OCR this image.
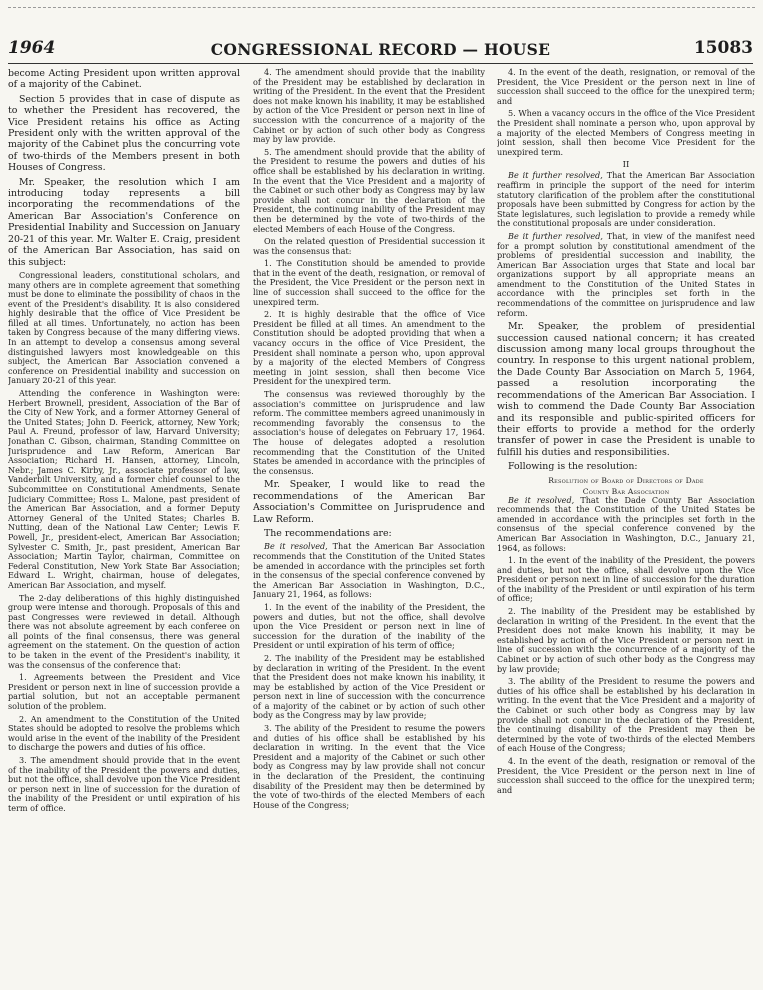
1964	CONGRESSIONAL RECORD — HOUSE	15083

become Acting President upon written approval of a majority of the Cabinet.

Section 5 provides that in case of dispute as to whether the President has recovered, the Vice President retains his office as Acting President only with the written approval of the majority of the Cabinet plus the concurring vote of two-thirds of the Members present in both Houses of Congress.

Mr. Speaker, the resolution which I am introducing today represents a bill incorporating the recommendations of the American Bar Association's Conference on Presidential Inability and Succession on January 20-21 of this year. Mr. Walter E. Craig, president of the American Bar Association, has said on this subject:

Congressional leaders, constitutional scholars, and many others are in complete agreement that something must be done to eliminate the possibility of chaos in the event of the President's disability. It is also considered highly desirable that the office of Vice President be filled at all times. Unfortunately, no action has been taken by Congress because of the many differing views. In an attempt to develop a consensus among several distinguished lawyers most knowledgeable on this subject, the American Bar Association convened a conference on Presidential inability and succession on January 20-21 of this year.

Attending the conference in Washington were: Herbert Brownell, president, Association of the Bar of the City of New York, and a former Attorney General of the United States; John D. Feerick, attorney, New York; Paul A. Freund, professor of law, Harvard University; Jonathan C. Gibson, chairman, Standing Committee on Jurisprudence and Law Reform, American Bar Association; Richard H. Hansen, attorney, Lincoln, Nebr.; James C. Kirby, Jr., associate professor of law, Vanderbilt University, and a former chief counsel to the Subcommittee on Constitutional Amendments, Senate Judiciary Committee; Ross L. Malone, past president of the American Bar Association, and a former Deputy Attorney General of the United States; Charles B. Nutting, dean of the National Law Center; Lewis F. Powell, Jr., president-elect, American Bar Association; Sylvester C. Smith, Jr., past president, American Bar Association; Martin Taylor, chairman, Committee on Federal Constitution, New York State Bar Association; Edward L. Wright, chairman, house of delegates, American Bar Association, and myself.

The 2-day deliberations of this highly distinguished group were intense and thorough. Proposals of this and past Congresses were reviewed in detail. Although there was not absolute agreement by each conferee on all points of the final consensus, there was general agreement on the statement. On the question of action to be taken in the event of the President's inability, it was the consensus of the conference that:

1. Agreements between the President and Vice President or person next in line of succession provide a partial solution, but not an acceptable permanent solution of the problem.

2. An amendment to the Constitution of the United States should be adopted to resolve the problems which would arise in the event of the inability of the President to discharge the powers and duties of his office.

3. The amendment should provide that in the event of the inability of the President the powers and duties, but not the office, shall devolve upon the Vice President or person next in line of succession for the duration of the inability of the President or until expiration of his term of office.

4. The amendment should provide that the inability of the President may be established by declaration in writing of the President. In the event that the President does not make known his inability, it may be established by action of the Vice President or person next in line of succession with the concurrence of a majority of the Cabinet or by action of such other body as Congress may by law provide.

5. The amendment should provide that the ability of the President to resume the powers and duties of his office shall be established by his declaration in writing. In the event that the Vice President and a majority of the Cabinet or such other body as Congress may by law provide shall not concur in the declaration of the President, the continuing inability of the President may then be determined by the vote of two-thirds of the elected Members of each House of the Congress.

On the related question of Presidential succession it was the consensus that:

1. The Constitution should be amended to provide that in the event of the death, resignation, or removal of the President, the Vice President or the person next in line of succession shall succeed to the office for the unexpired term.

2. It is highly desirable that the office of Vice President be filled at all times. An amendment to the Constitution should be adopted providing that when a vacancy occurs in the office of Vice President, the President shall nominate a person who, upon approval by a majority of the elected Members of Congress meeting in joint session, shall then become Vice President for the unexpired term.

The consensus was reviewed thoroughly by the association's committee on jurisprudence and law reform. The committee members agreed unanimously in recommending favorably the consensus to the association's house of delegates on February 17, 1964. The house of delegates adopted a resolution recommending that the Constitution of the United States be amended in accordance with the principles of the consensus.

Mr. Speaker, I would like to read the recommendations of the American Bar Association's Committee on Jurisprudence and Law Reform.

The recommendations are:

Be it resolved, That the American Bar Association recommends that the Constitution of the United States be amended in accordance with the principles set forth in the consensus of the special conference convened by the American Bar Association in Washington, D.C., January 21, 1964, as follows:

1. In the event of the inability of the President, the powers and duties, but not the office, shall devolve upon the Vice President or person next in line of succession for the duration of the inability of the President or until expiration of his term of office;

2. The inability of the President may be established by declaration in writing of the President. In the event that the President does not make known his inability, it may be established by action of the Vice President or person next in line of succession with the concurrence of a majority of the cabinet or by action of such other body as the Congress may by law provide;

3. The ability of the President to resume the powers and duties of his office shall be established by his declaration in writing. In the event that the Vice President and a majority of the Cabinet or such other body as Congress may by law provide shall not concur in the declaration of the President, the continuing disability of the President may then be determined by the vote of two-thirds of the elected Members of each House of the Congress;

4. In the event of the death, resignation, or removal of the President, the Vice President or the person next in line of succession shall succeed to the office for the unexpired term; and

5. When a vacancy occurs in the office of the Vice President the President shall nominate a person who, upon approval by a majority of the elected Members of Congress meeting in joint session, shall then become Vice President for the unexpired term.

II

Be it further resolved, That the American Bar Association reaffirm in principle the support of the need for interim statutory clarification of the problem after the constitutional proposals have been submitted by Congress for action by the State legislatures, such legislation to provide a remedy while the constitutional proposals are under consideration.

Be it further resolved, That, in view of the manifest need for a prompt solution by constitutional amendment of the problems of presidential succession and inability, the American Bar Association urges that State and local bar organizations support by all appropriate means an amendment to the Constitution of the United States in accordance with the principles set forth in the recommendations of the committee on jurisprudence and law reform.

Mr. Speaker, the problem of presidential succession caused national concern; it has created discussion among many local groups throughout the country. In response to this urgent national problem, the Dade County Bar Association on March 5, 1964, passed a resolution incorporating the recommendations of the American Bar Association. I wish to commend the Dade County Bar Association and its responsible and public-spirited officers for their efforts to provide a method for the orderly transfer of power in case the President is unable to fulfill his duties and responsibilities.

Following is the resolution:

Resolution of Board of Directors of Dade

County Bar Association

Be it resolved, That the Dade County Bar Association recommends that the Constitution of the United States be amended in accordance with the principles set forth in the consensus of the special conference convened by the American Bar Association in Washington, D.C., January 21, 1964, as follows:

1. In the event of the inability of the President, the powers and duties, but not the office, shall devolve upon the Vice President or person next in line of succession for the duration of the inability of the President or until expiration of his term of office;

2. The inability of the President may be established by declaration in writing of the President. In the event that the President does not make known his inability, it may be established by action of the Vice President or person next in line of succession with the concurrence of a majority of the Cabinet or by action of such other body as the Congress may by law provide;

3. The ability of the President to resume the powers and duties of his office shall be established by his declaration in writing. In the event that the Vice President and a majority of the Cabinet or such other body as Congress may by law provide shall not concur in the declaration of the President, the continuing disability of the President may then be determined by the vote of two-thirds of the elected Members of each House of the Congress;

4. In the event of the death, resignation or removal of the President, the Vice President or the person next in line of succession shall succeed to the office for the unexpired term; and
